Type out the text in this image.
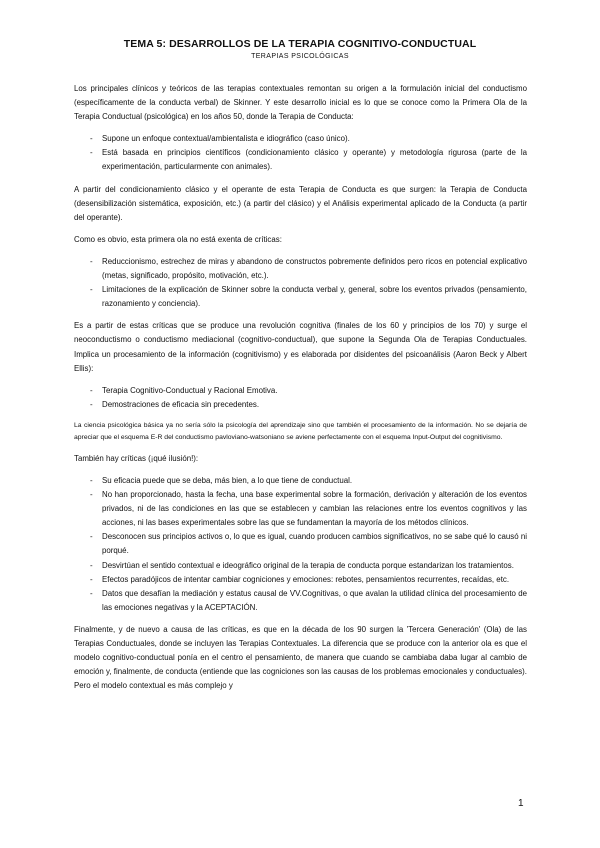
TEMA 5: DESARROLLOS DE LA TERAPIA COGNITIVO-CONDUCTUAL
TERAPIAS PSICOLÓGICAS

Los principales clínicos y teóricos de las terapias contextuales remontan su origen a la formulación inicial del conductismo (específicamente de la conducta verbal) de Skinner. Y este desarrollo inicial es lo que se conoce como la Primera Ola de la Terapia Conductual (psicológica) en los años 50, donde la Terapia de Conducta:

- Supone un enfoque contextual/ambientalista e idiográfico (caso único).
- Está basada en principios científicos (condicionamiento clásico y operante) y metodología rigurosa (parte de la experimentación, particularmente con animales).

A partir del condicionamiento clásico y el operante de esta Terapia de Conducta es que surgen: la Terapia de Conducta (desensibilización sistemática, exposición, etc.) (a partir del clásico) y el Análisis experimental aplicado de la Conducta (a partir del operante).

Como es obvio, esta primera ola no está exenta de críticas:

- Reduccionismo, estrechez de miras y abandono de constructos pobremente definidos pero ricos en potencial explicativo (metas, significado, propósito, motivación, etc.).
- Limitaciones de la explicación de Skinner sobre la conducta verbal y, general, sobre los eventos privados (pensamiento, razonamiento y conciencia).

Es a partir de estas críticas que se produce una revolución cognitiva (finales de los 60 y principios de los 70) y surge el neoconductismo o conductismo mediacional (cognitivo-conductual), que supone la Segunda Ola de Terapias Conductuales. Implica un procesamiento de la información (cognitivismo) y es elaborada por disidentes del psicoanálisis (Aaron Beck y Albert Ellis):

- Terapia Cognitivo-Conductual y Racional Emotiva.
- Demostraciones de eficacia sin precedentes.

La ciencia psicológica básica ya no sería sólo la psicología del aprendizaje sino que también el procesamiento de la información. No se dejaría de apreciar que el esquema E-R del conductismo pavloviano-watsoniano se aviene perfectamente con el esquema Input-Output del cognitivismo.

También hay críticas (¡qué ilusión!):

- Su eficacia puede que se deba, más bien, a lo que tiene de conductual.
- No han proporcionado, hasta la fecha, una base experimental sobre la formación, derivación y alteración de los eventos privados, ni de las condiciones en las que se establecen y cambian las relaciones entre los eventos cognitivos y las acciones, ni las bases experimentales sobre las que se fundamentan la mayoría de los métodos clínicos.
- Desconocen sus principios activos o, lo que es igual, cuando producen cambios significativos, no se sabe qué lo causó ni porqué.
- Desvirtúan el sentido contextual e ideográfico original de la terapia de conducta porque estandarizan los tratamientos.
- Efectos paradójicos de intentar cambiar cogniciones y emociones: rebotes, pensamientos recurrentes, recaídas, etc.
- Datos que desafían la mediación y estatus causal de VV.Cognitivas, o que avalan la utilidad clínica del procesamiento de las emociones negativas y la ACEPTACIÓN.

Finalmente, y de nuevo a causa de las críticas, es que en la década de los 90 surgen la 'Tercera Generación' (Ola) de las Terapias Conductuales, donde se incluyen las Terapias Contextuales. La diferencia que se produce con la anterior ola es que el modelo cognitivo-conductual ponía en el centro el pensamiento, de manera que cuando se cambiaba daba lugar al cambio de emoción y, finalmente, de conducta (entiende que las cogniciones son las causas de los problemas emocionales y conductuales). Pero el modelo contextual es más complejo y

1
